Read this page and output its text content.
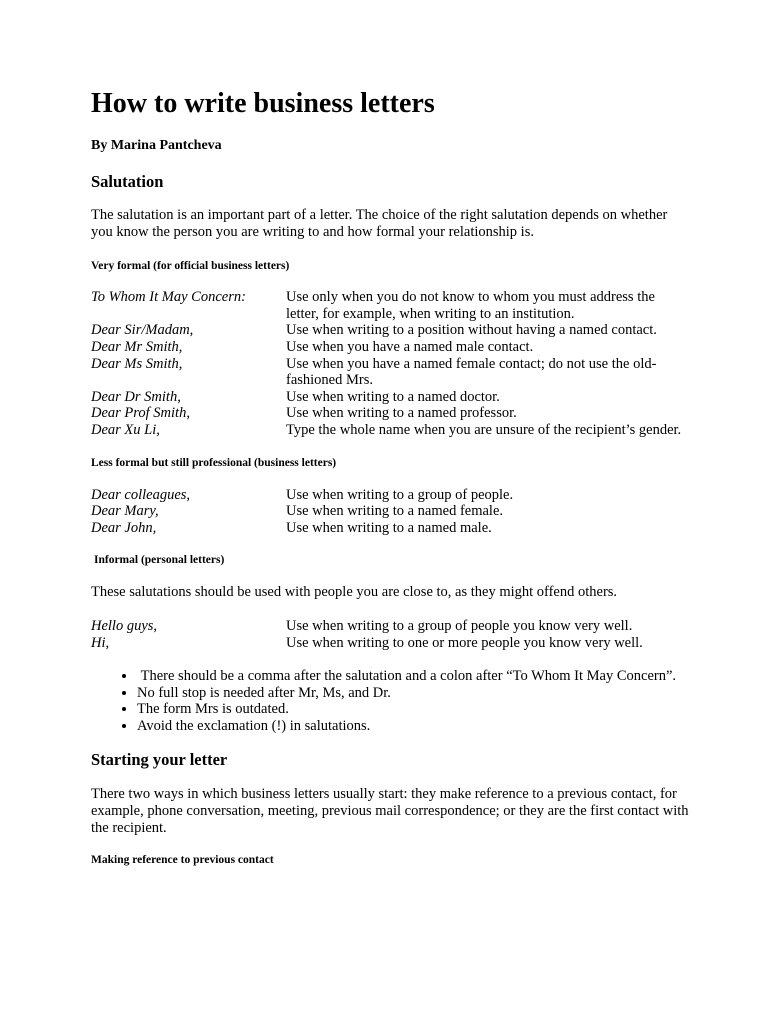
How to write business letters
By Marina Pantcheva
Salutation

The salutation is an important part of a letter. The choice of the right salutation depends on whether you know the person you are writing to and how formal your relationship is.

Very formal (for official business letters)
To Whom It May Concern:	Use only when you do not know to whom you must address the letter, for example, when writing to an institution.
Dear Sir/Madam,	Use when writing to a position without having a named contact.
Dear Mr Smith,	Use when you have a named male contact.
Dear Ms Smith,	Use when you have a named female contact; do not use the old-fashioned Mrs.
Dear Dr Smith,	Use when writing to a named doctor.
Dear Prof Smith,	Use when writing to a named professor.
Dear Xu Li,	Type the whole name when you are unsure of the recipient’s gender.
Less formal but still professional (business letters)
Dear colleagues,	Use when writing to a group of people.
Dear Mary,	Use when writing to a named female.
Dear John,	Use when writing to a named male.
Informal (personal letters)

These salutations should be used with people you are close to, as they might offend others.

Hello guys,	Use when writing to a group of people you know very well.
Hi,	Use when writing to one or more people you know very well.
•  There should be a comma after the salutation and a colon after “To Whom It May Concern”.
• No full stop is needed after Mr, Ms, and Dr.
• The form Mrs is outdated.
• Avoid the exclamation (!) in salutations.
Starting your letter

There two ways in which business letters usually start: they make reference to a previous contact, for example, phone conversation, meeting, previous mail correspondence; or they are the first contact with the recipient.

Making reference to previous contact
